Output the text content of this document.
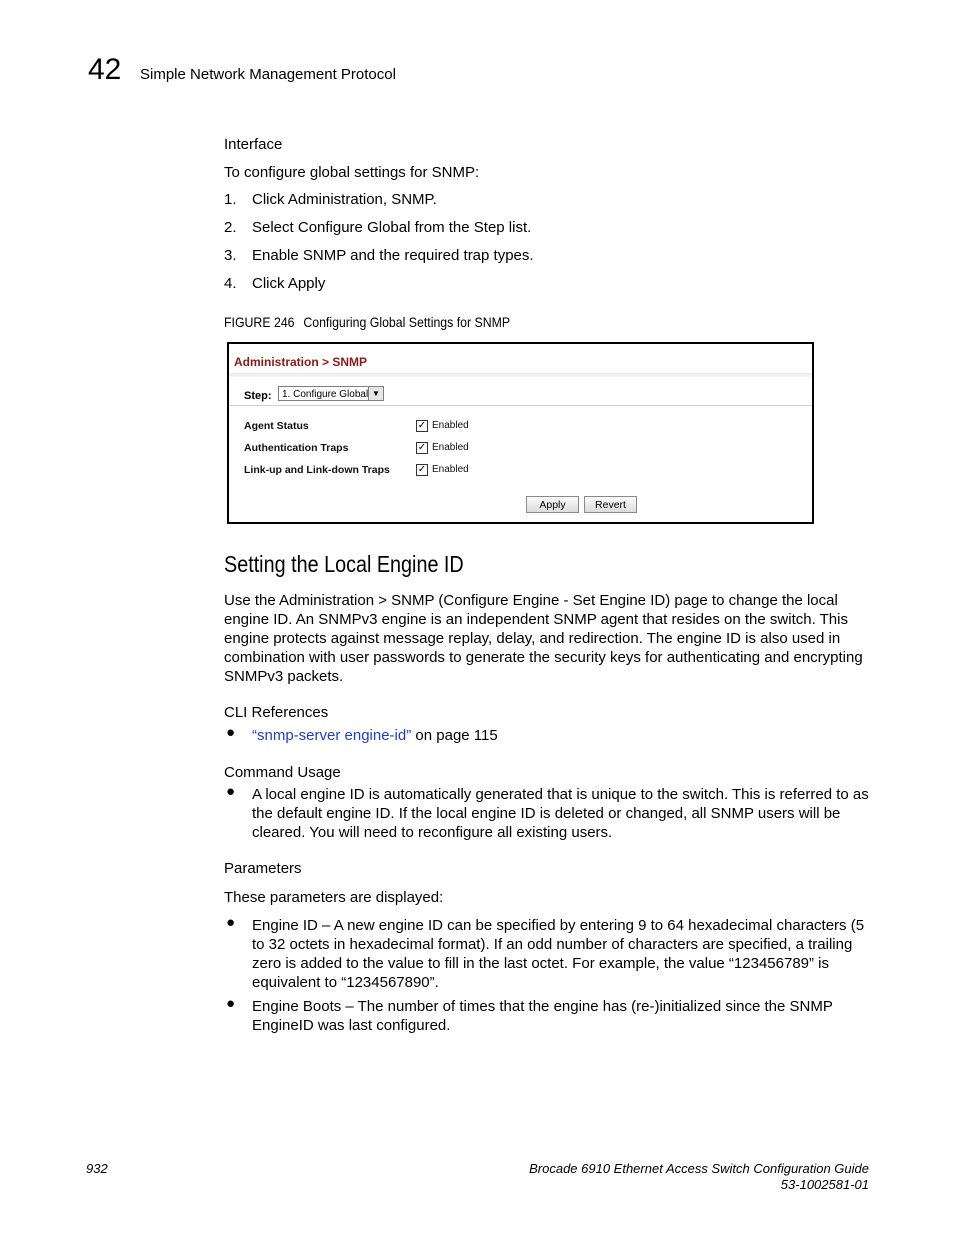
42 Simple Network Management Protocol
Interface
To configure global settings for SNMP:
1. Click Administration, SNMP.
2. Select Configure Global from the Step list.
3. Enable SNMP and the required trap types.
4. Click Apply
FIGURE 246 Configuring Global Settings for SNMP
Administration > SNMP
Step:	1. Configure Global ▼
Agent Status	✓ Enabled
Authentication Traps	✓ Enabled
Link-up and Link-down Traps	✓ Enabled
Apply	Revert
Setting the Local Engine ID
Use the Administration > SNMP (Configure Engine - Set Engine ID) page to change the local engine ID. An SNMPv3 engine is an independent SNMP agent that resides on the switch. This engine protects against message replay, delay, and redirection. The engine ID is also used in combination with user passwords to generate the security keys for authenticating and encrypting SNMPv3 packets.
CLI References
● “snmp-server engine-id” on page 115
Command Usage
● A local engine ID is automatically generated that is unique to the switch. This is referred to as the default engine ID. If the local engine ID is deleted or changed, all SNMP users will be cleared. You will need to reconfigure all existing users.
Parameters
These parameters are displayed:
● Engine ID – A new engine ID can be specified by entering 9 to 64 hexadecimal characters (5 to 32 octets in hexadecimal format). If an odd number of characters are specified, a trailing zero is added to the value to fill in the last octet. For example, the value “123456789” is equivalent to “1234567890”.
● Engine Boots – The number of times that the engine has (re-)initialized since the SNMP EngineID was last configured.
932	Brocade 6910 Ethernet Access Switch Configuration Guide
53-1002581-01
